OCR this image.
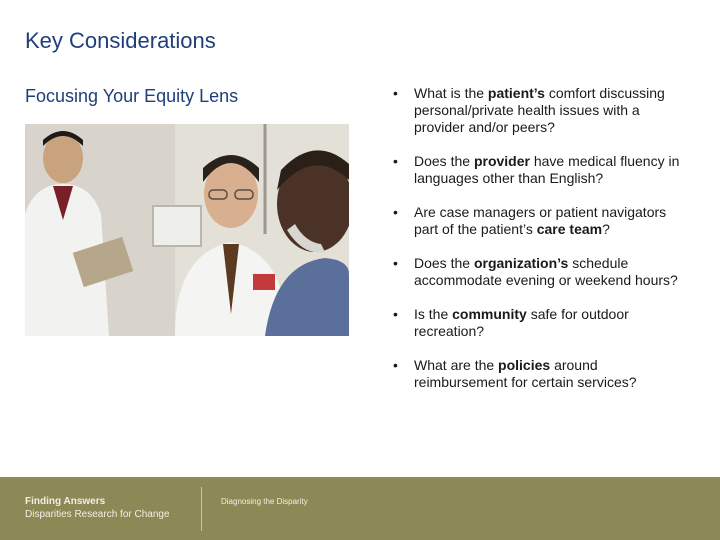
Key Considerations
Focusing Your Equity Lens	• What is the patient’s comfort discussing personal/private health issues with a provider and/or peers?
• Does the provider have medical fluency in languages other than English?
• Are case managers or patient navigators part of the patient’s care team?
• Does the organization’s schedule accommodate evening or weekend hours?
• Is the community safe for outdoor recreation?
• What are the policies around reimbursement for certain services?
Finding Answers
Disparities Research for Change
Diagnosing the Disparity
